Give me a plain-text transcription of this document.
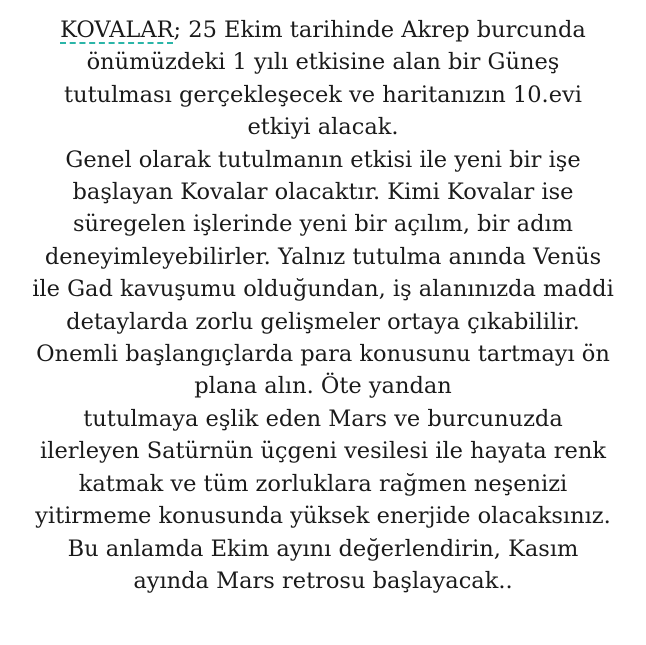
KOVALAR; 25 Ekim tarihinde Akrep burcunda
önümüzdeki 1 yılı etkisine alan bir Güneş
tutulması gerçekleşecek ve haritanızın 10.evi
etkiyi alacak.
Genel olarak tutulmanın etkisi ile yeni bir işe
başlayan Kovalar olacaktır. Kimi Kovalar ise
süregelen işlerinde yeni bir açılım, bir adım
deneyimleyebilirler. Yalnız tutulma anında Venüs
ile Gad kavuşumu olduğundan, iş alanınızda maddi
detaylarda zorlu gelişmeler ortaya çıkabililir.
Onemli başlangıçlarda para konusunu tartmayı ön
plana alın. Öte yandan
tutulmaya eşlik eden Mars ve burcunuzda
ilerleyen Satürnün üçgeni vesilesi ile hayata renk
katmak ve tüm zorluklara rağmen neşenizi
yitirmeme konusunda yüksek enerjide olacaksınız.
Bu anlamda Ekim ayını değerlendirin, Kasım
ayında Mars retrosu başlayacak..
